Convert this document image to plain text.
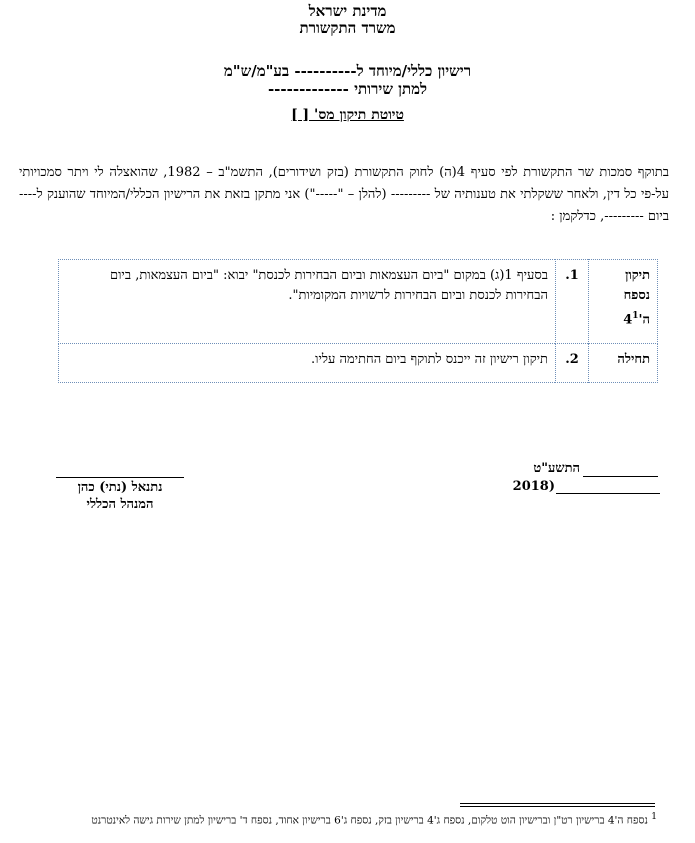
מדינת ישראל
משרד התקשורת
רישיון כללי/מיוחד ל---------- בע"מ/ש"מ
למתן שירותי -------------
טיוטת תיקון מס' [ ]
בתוקף סמכות שר התקשורת לפי סעיף 4(ה) לחוק התקשורת (בזק ושידורים), התשמ"ב – 1982, שהואצלה לי ויתר סמכויותי על-פי כל דין, ולאחר ששקלתי את טענותיה של --------- (להלן – "-----") אני מתקן בזאת את הרישיון הכללי/המיוחד שהוענק ל---- ביום ---------, כדלקמן :
תיקון נספח $ה'4^1$	1.	בסעיף 1(ג) במקום "ביום העצמאות וביום הבחירות לכנסת" יבוא: "ביום העצמאות, ביום הבחירות לכנסת וביום הבחירות לרשויות המקומיות".
תחילה	2.	תיקון רישיון זה ייכנס לתוקף ביום החתימה עליו.
נתנאל (נתי) כהן
המנהל הכללי
התשע"ט
(2018
$^1$ נספח ה'4 ברישיון רט"ן וברישיון הוט טלקום, נספח ג'4 ברישיון בזק, נספח ג'6 ברישיון אחוד, נספח ד' ברישיון למתן שירות גישה לאינטרנט
